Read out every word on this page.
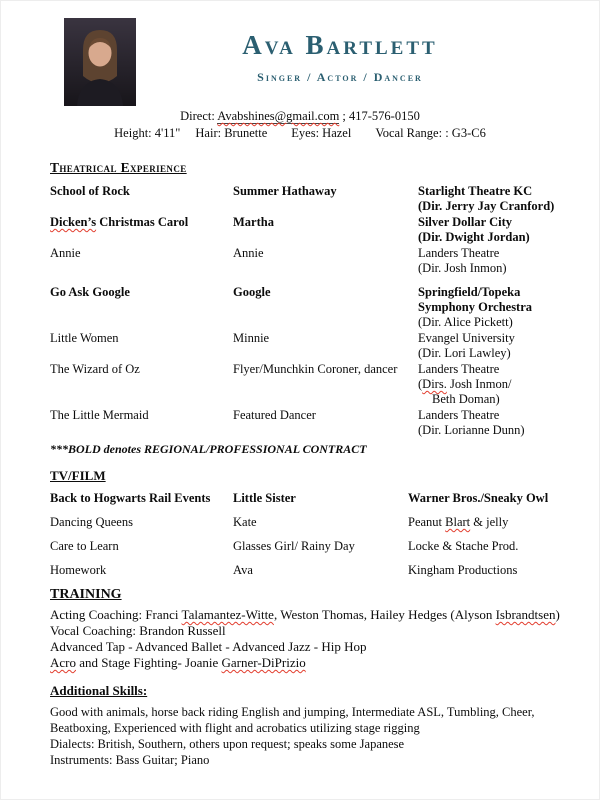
Ava Bartlett
Singer / Actor / Dancer
Direct: Avabshines@gmail.com ; 417-576-0150
Height: 4'11" Hair: Brunette Eyes: Hazel Vocal Range: : G3-C6
Theatrical Experience
School of Rock	Summer Hathaway	Starlight Theatre KC
(Dir. Jerry Jay Cranford)
Dicken’s Christmas Carol	Martha	Silver Dollar City
(Dir. Dwight Jordan)
Annie	Annie	Landers Theatre
(Dir. Josh Inmon)
Go Ask Google	Google	Springfield/Topeka
Symphony Orchestra
(Dir. Alice Pickett)
Little Women	Minnie	Evangel University
(Dir. Lori Lawley)
The Wizard of Oz	Flyer/Munchkin Coroner, dancer	Landers Theatre
(Dirs. Josh Inmon/
Beth Doman)
The Little Mermaid	Featured Dancer	Landers Theatre
(Dir. Lorianne Dunn)
***BOLD denotes REGIONAL/PROFESSIONAL CONTRACT
TV/FILM
Back to Hogwarts Rail Events	Little Sister	Warner Bros./Sneaky Owl
Dancing Queens	Kate	Peanut Blart & jelly
Care to Learn	Glasses Girl/ Rainy Day	Locke & Stache Prod.
Homework	Ava	Kingham Productions
TRAINING
Acting Coaching: Franci Talamantez-Witte, Weston Thomas, Hailey Hedges (Alyson Isbrandtsen)
Vocal Coaching: Brandon Russell
Advanced Tap - Advanced Ballet - Advanced Jazz - Hip Hop
Acro and Stage Fighting- Joanie Garner-DiPrizio
Additional Skills:
Good with animals, horse back riding English and jumping, Intermediate ASL, Tumbling, Cheer,
Beatboxing, Experienced with flight and acrobatics utilizing stage rigging
Dialects: British, Southern, others upon request; speaks some Japanese
Instruments: Bass Guitar; Piano
